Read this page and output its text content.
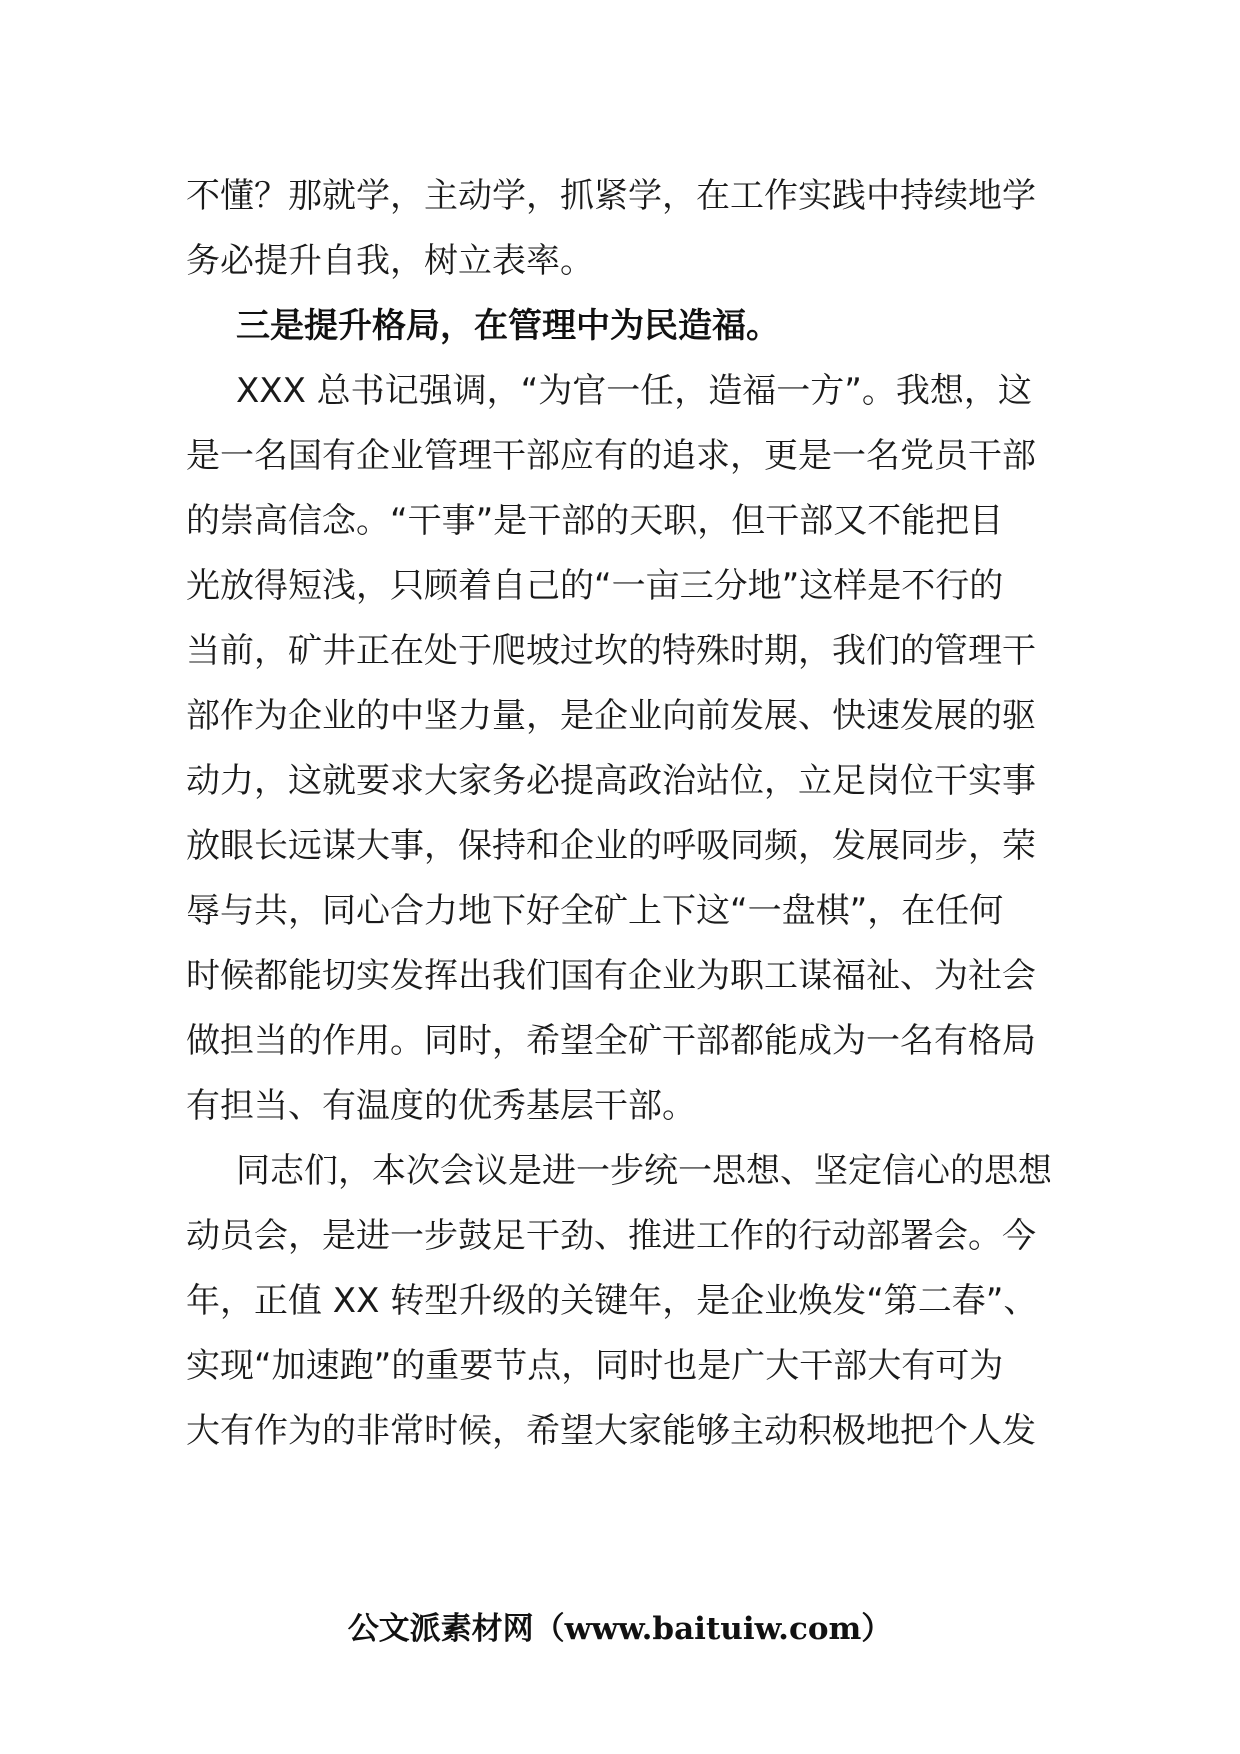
不懂？那就学，主动学，抓紧学，在工作实践中持续地学
务必提升自我，树立表率。
三是提升格局，在管理中为民造福。
XXX 总书记强调，“为官一任，造福一方”。我想，这
是一名国有企业管理干部应有的追求，更是一名党员干部
的崇高信念。“干事”是干部的天职，但干部又不能把目
光放得短浅，只顾着自己的“一亩三分地”这样是不行的
当前，矿井正在处于爬坡过坎的特殊时期，我们的管理干
部作为企业的中坚力量，是企业向前发展、快速发展的驱
动力，这就要求大家务必提高政治站位，立足岗位干实事
放眼长远谋大事，保持和企业的呼吸同频，发展同步，荣
辱与共，同心合力地下好全矿上下这“一盘棋”，在任何
时候都能切实发挥出我们国有企业为职工谋福祉、为社会
做担当的作用。同时，希望全矿干部都能成为一名有格局
有担当、有温度的优秀基层干部。
同志们，本次会议是进一步统一思想、坚定信心的思想
动员会，是进一步鼓足干劲、推进工作的行动部署会。今
年，正值 XX 转型升级的关键年，是企业焕发“第二春”、
实现“加速跑”的重要节点，同时也是广大干部大有可为
大有作为的非常时候，希望大家能够主动积极地把个人发
公文派素材网（www.baituiw.com）
